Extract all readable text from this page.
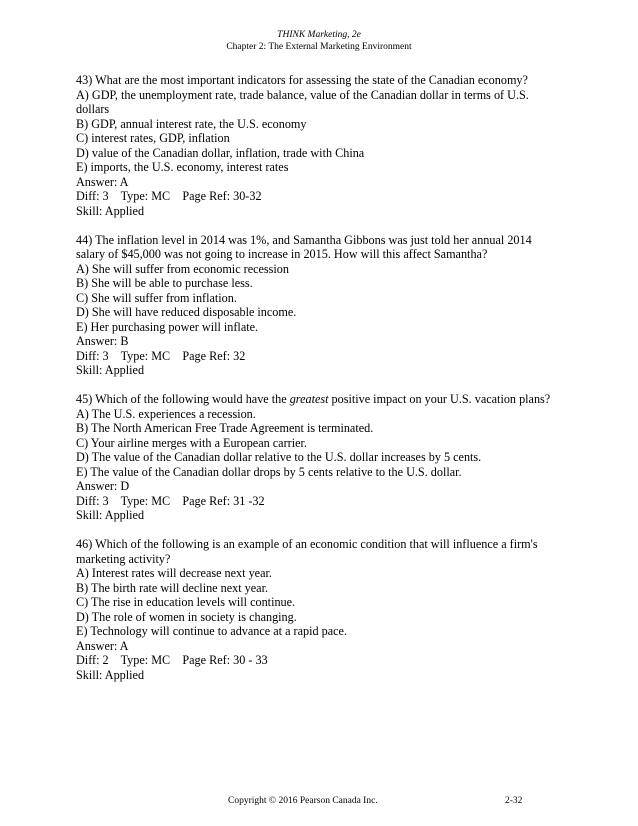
THINK Marketing, 2e
Chapter 2: The External Marketing Environment
43) What are the most important indicators for assessing the state of the Canadian economy?
A) GDP, the unemployment rate, trade balance, value of the Canadian dollar in terms of U.S.
dollars
B) GDP, annual interest rate, the U.S. economy
C) interest rates, GDP, inflation
D) value of the Canadian dollar, inflation, trade with China
E) imports, the U.S. economy, interest rates
Answer: A
Diff: 3    Type: MC    Page Ref: 30-32
Skill: Applied
44) The inflation level in 2014 was 1%, and Samantha Gibbons was just told her annual 2014
salary of $45,000 was not going to increase in 2015. How will this affect Samantha?
A) She will suffer from economic recession
B) She will be able to purchase less.
C) She will suffer from inflation.
D) She will have reduced disposable income.
E) Her purchasing power will inflate.
Answer: B
Diff: 3    Type: MC    Page Ref: 32
Skill: Applied
45) Which of the following would have the greatest positive impact on your U.S. vacation plans?
A) The U.S. experiences a recession.
B) The North American Free Trade Agreement is terminated.
C) Your airline merges with a European carrier.
D) The value of the Canadian dollar relative to the U.S. dollar increases by 5 cents.
E) The value of the Canadian dollar drops by 5 cents relative to the U.S. dollar.
Answer: D
Diff: 3    Type: MC    Page Ref: 31 -32
Skill: Applied
46) Which of the following is an example of an economic condition that will influence a firm's
marketing activity?
A) Interest rates will decrease next year.
B) The birth rate will decline next year.
C) The rise in education levels will continue.
D) The role of women in society is changing.
E) Technology will continue to advance at a rapid pace.
Answer: A
Diff: 2    Type: MC    Page Ref: 30 - 33
Skill: Applied
Copyright © 2016 Pearson Canada Inc.	2-32
